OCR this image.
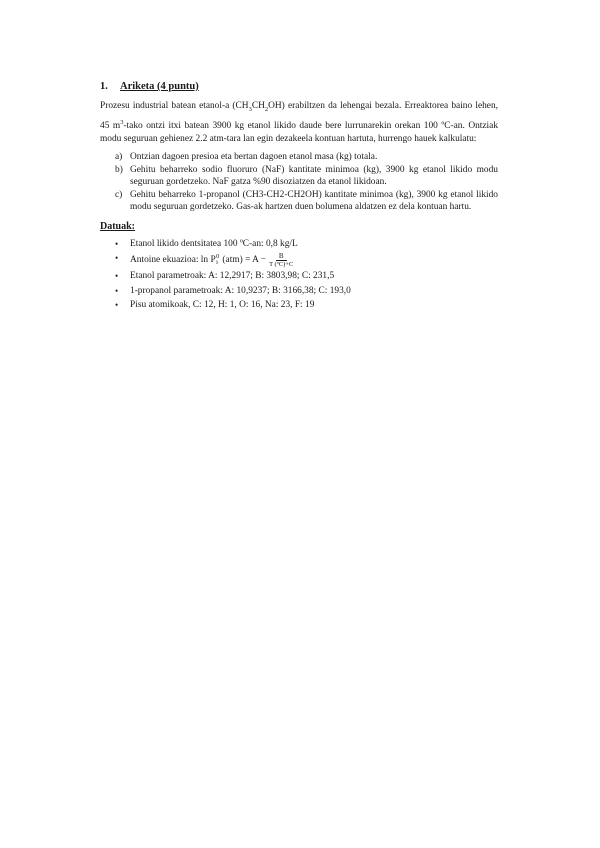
1. Ariketa (4 puntu)

Prozesu industrial batean etanol-a $(CH_3CH_2OH)$ erabiltzen da lehengai bezala. Erreaktorea baino lehen, 45 $m^3$-tako ontzi itxi batean 3900 kg etanol likido daude bere lurrunarekin orekan 100 ºC-an. Ontziak modu seguruan gehienez 2.2 atm-tara lan egin dezakeela kontuan hartuta, hurrengo hauek kalkulatu:

a) Ontzian dagoen presioa eta bertan dagoen etanol masa (kg) totala.
b) Gehitu beharreko sodio fluoruro (NaF) kantitate minimoa (kg), 3900 kg etanol likido modu seguruan gordetzeko. NaF gatza %90 disoziatzen da etanol likidoan.
c) Gehitu beharreko 1-propanol (CH3-CH2-CH2OH) kantitate minimoa (kg), 3900 kg etanol likido modu seguruan gordetzeko. Gas-ak hartzen duen bolumena aldatzen ez dela kontuan hartu.
Datuak:
• Etanol likido dentsitatea 100 ºC-an: 0,8 kg/L
• Antoine ekuazioa: ln P 0
i $(atm) = A - \frac{B}{\text{T (ºC)+C}}$
• Etanol parametroak: A: 12,2917; B: 3803,98; C: 231,5
• 1-propanol parametroak: A: 10,9237; B: 3166,38; C: 193,0
• Pisu atomikoak, C: 12, H: 1, O: 16, Na: 23, F: 19
